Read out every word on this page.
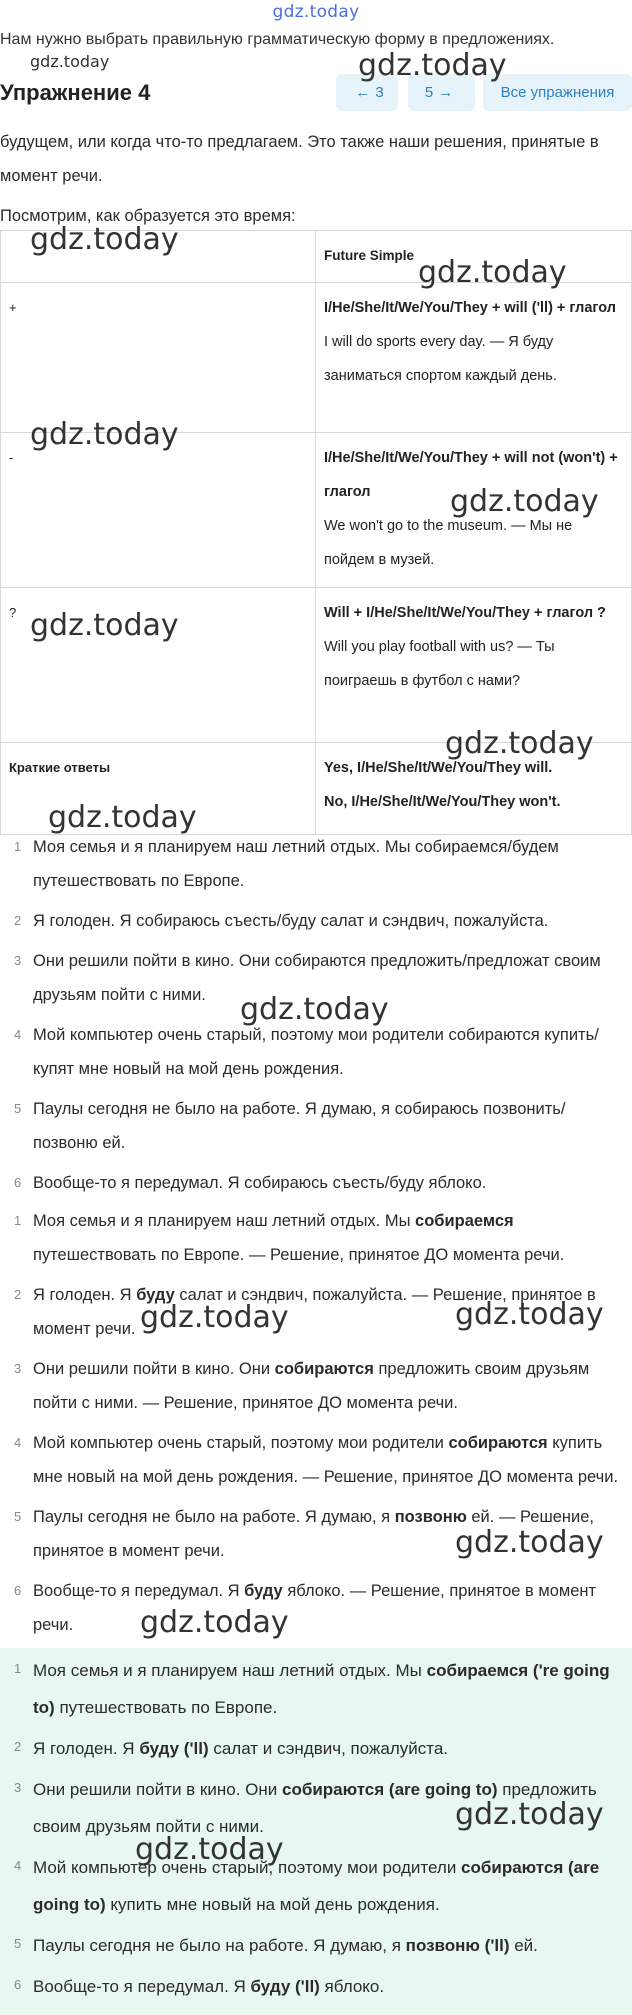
gdz.today
Нам нужно выбрать правильную грамматическую форму в предложениях.
gdz.today
Упражнение 4	← 3	5 →	Все упражнения
будущем, или когда что-то предлагаем. Это также наши решения, принятые в
момент речи.
Посмотрим, как образуется это время:
	Future Simple
+	I/He/She/It/We/You/They + will ('ll) + глагол
I will do sports every day. — Я буду заниматься спортом каждый день.

-	I/He/She/It/We/You/They + will not (won't) + глагол
We won't go to the museum. — Мы не пойдем в музей.

?	Will + I/He/She/It/We/You/They + глагол ?
Will you play football with us? — Ты поиграешь в футбол с нами?

Краткие ответы	Yes, I/He/She/It/We/You/They will.
No, I/He/She/It/We/You/They won't.
1 Моя семья и я планируем наш летний отдых. Мы собираемся/будем путешествовать по Европе.
2 Я голоден. Я собираюсь съесть/буду салат и сэндвич, пожалуйста.
3 Они решили пойти в кино. Они собираются предложить/предложат своим друзьям пойти с ними.
4 Мой компьютер очень старый, поэтому мои родители собираются купить/купят мне новый на мой день рождения.
5 Паулы сегодня не было на работе. Я думаю, я собираюсь позвонить/позвоню ей.
6 Вообще-то я передумал. Я собираюсь съесть/буду яблоко.
1 Моя семья и я планируем наш летний отдых. Мы собираемся путешествовать по Европе. — Решение, принятое ДО момента речи.
2 Я голоден. Я буду салат и сэндвич, пожалуйста. — Решение, принятое в момент речи.
3 Они решили пойти в кино. Они собираются предложить своим друзьям пойти с ними. — Решение, принятое ДО момента речи.
4 Мой компьютер очень старый, поэтому мои родители собираются купить мне новый на мой день рождения. — Решение, принятое ДО момента речи.
5 Паулы сегодня не было на работе. Я думаю, я позвоню ей. — Решение, принятое в момент речи.
6 Вообще-то я передумал. Я буду яблоко. — Решение, принятое в момент речи.
1 Моя семья и я планируем наш летний отдых. Мы собираемся ('re going to) путешествовать по Европе.
2 Я голоден. Я буду ('ll) салат и сэндвич, пожалуйста.
3 Они решили пойти в кино. Они собираются (are going to) предложить своим друзьям пойти с ними.
4 Мой компьютер очень старый, поэтому мои родители собираются (are going to) купить мне новый на мой день рождения.
5 Паулы сегодня не было на работе. Я думаю, я позвоню ('ll) ей.
6 Вообще-то я передумал. Я буду ('ll) яблоко.
gdz.today
gdz.today
gdz.today
gdz.today
gdz.today
gdz.today
gdz.today
gdz.today
gdz.today
gdz.today	gdz.today
gdz.today
gdz.today
gdz.today
gdz.today
